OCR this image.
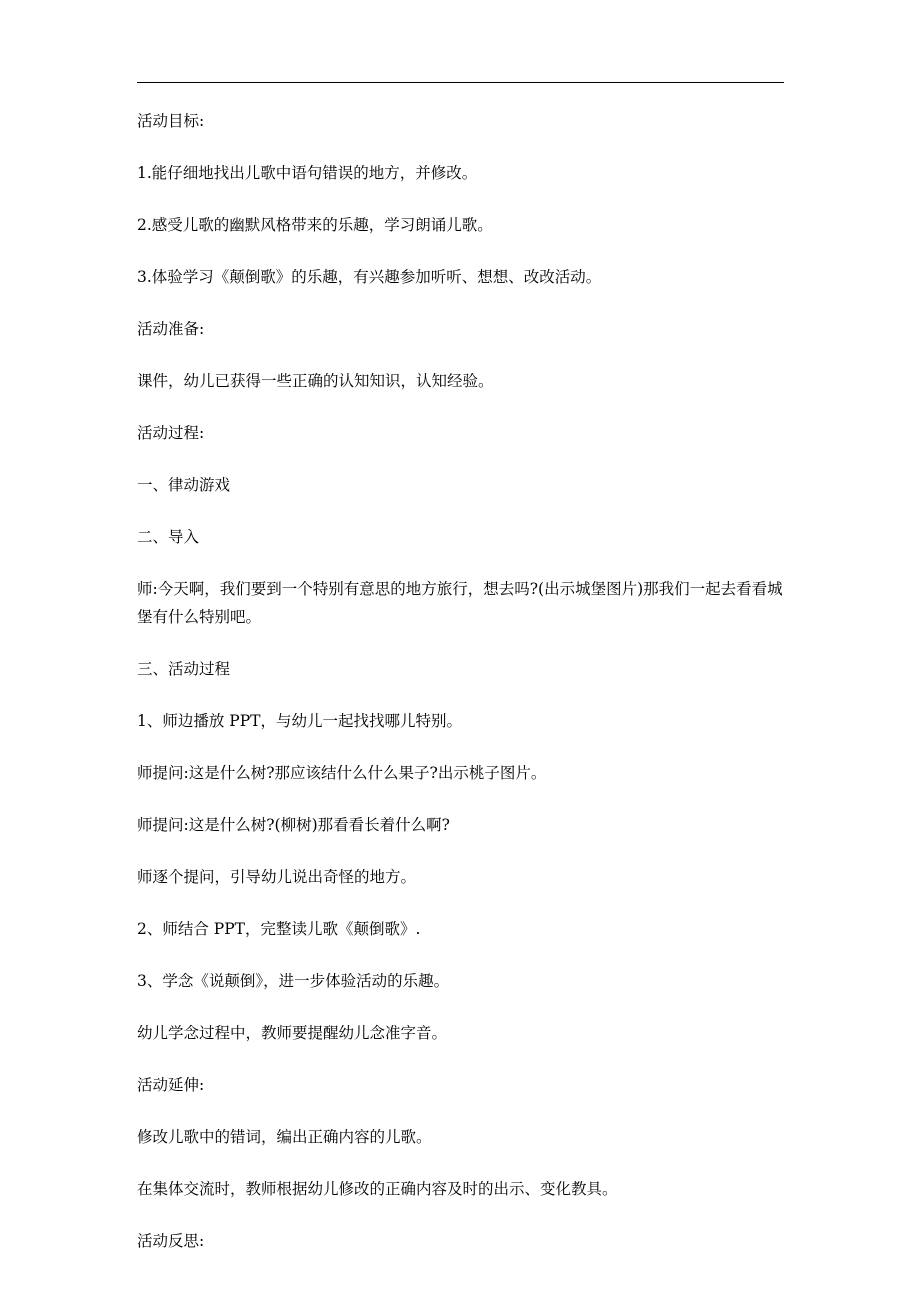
活动目标:

1.能仔细地找出儿歌中语句错误的地方，并修改。

2.感受儿歌的幽默风格带来的乐趣，学习朗诵儿歌。

3.体验学习《颠倒歌》的乐趣，有兴趣参加听听、想想、改改活动。

活动准备:

课件，幼儿已获得一些正确的认知知识，认知经验。

活动过程:

一、律动游戏

二、导入

师:今天啊，我们要到一个特别有意思的地方旅行，想去吗?(出示城堡图片)那我们一起去看看城堡有什么特别吧。

三、活动过程

1、师边播放 PPT，与幼儿一起找找哪儿特别。

师提问:这是什么树?那应该结什么什么果子?出示桃子图片。

师提问:这是什么树?(柳树)那看看长着什么啊?

师逐个提问，引导幼儿说出奇怪的地方。

2、师结合 PPT，完整读儿歌《颠倒歌》.

3、学念《说颠倒》，进一步体验活动的乐趣。

幼儿学念过程中，教师要提醒幼儿念准字音。

活动延伸:

修改儿歌中的错词，编出正确内容的儿歌。

在集体交流时，教师根据幼儿修改的正确内容及时的出示、变化教具。

活动反思:
